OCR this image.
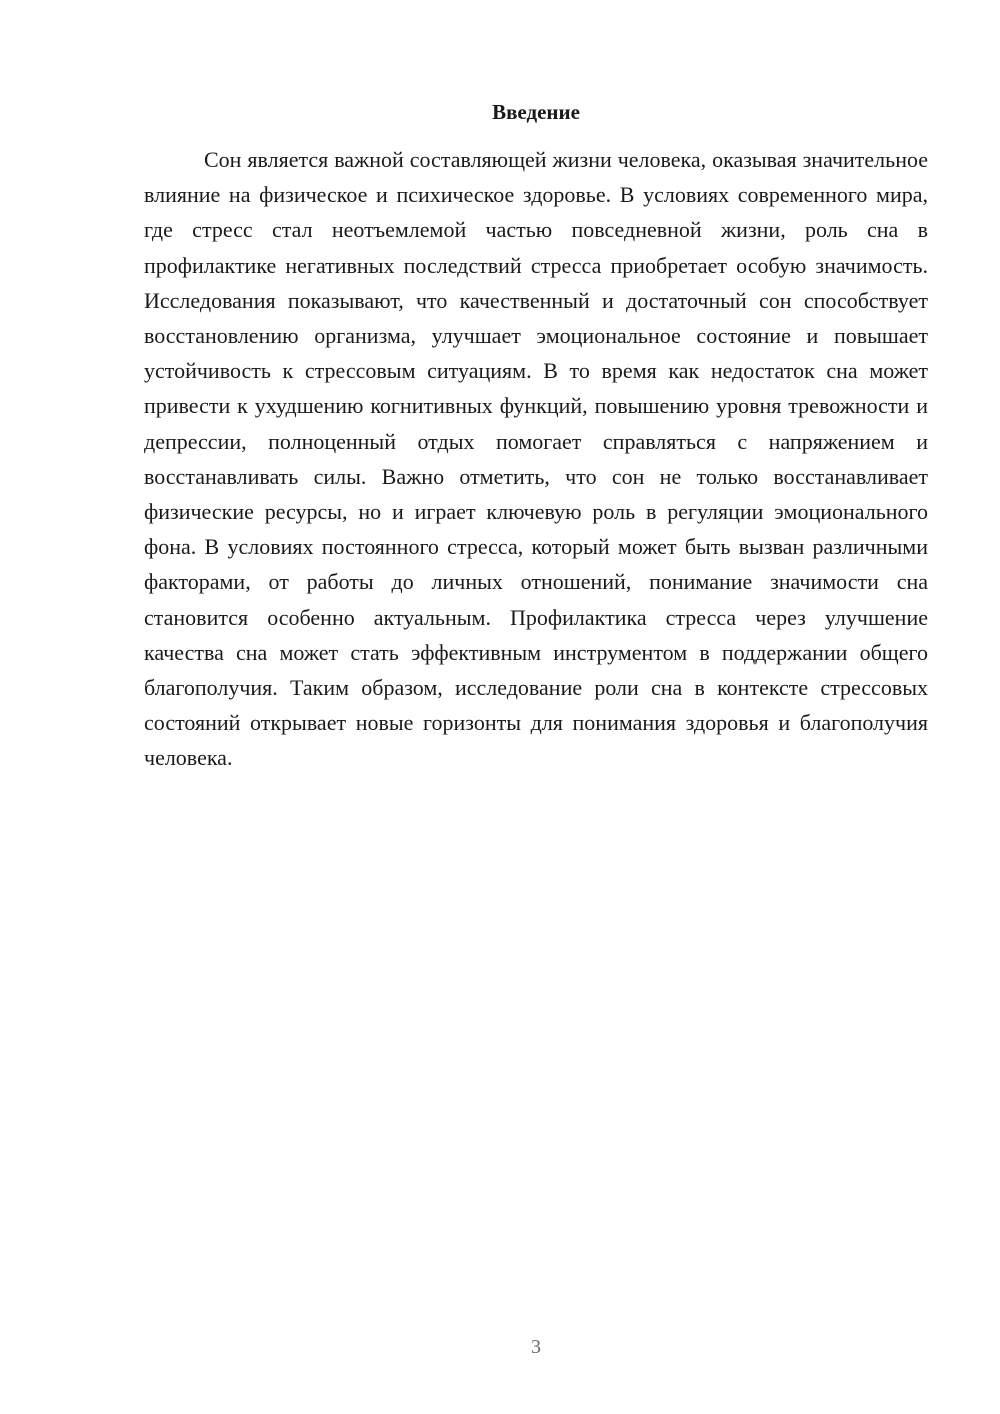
Введение

Сон является важной составляющей жизни человека, оказывая значительное влияние на физическое и психическое здоровье. В условиях современного мира, где стресс стал неотъемлемой частью повседневной жизни, роль сна в профилактике негативных последствий стресса приобретает особую значимость. Исследования показывают, что качественный и достаточный сон способствует восстановлению организма, улучшает эмоциональное состояние и повышает устойчивость к стрессовым ситуациям. В то время как недостаток сна может привести к ухудшению когнитивных функций, повышению уровня тревожности и депрессии, полноценный отдых помогает справляться с напряжением и восстанавливать силы. Важно отметить, что сон не только восстанавливает физические ресурсы, но и играет ключевую роль в регуляции эмоционального фона. В условиях постоянного стресса, который может быть вызван различными факторами, от работы до личных отношений, понимание значимости сна становится особенно актуальным. Профилактика стресса через улучшение качества сна может стать эффективным инструментом в поддержании общего благополучия. Таким образом, исследование роли сна в контексте стрессовых состояний открывает новые горизонты для понимания здоровья и благополучия человека.

3
